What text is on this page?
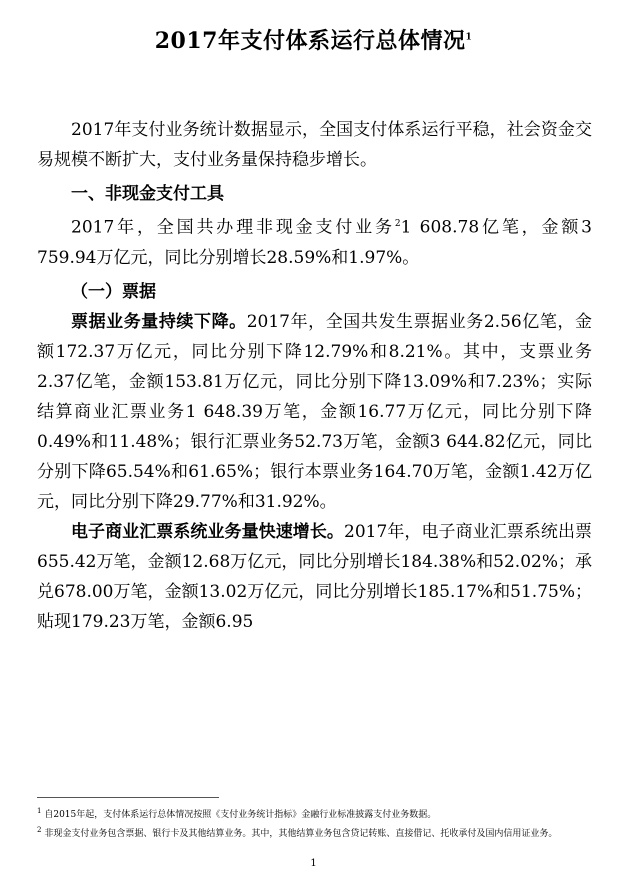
2017年支付体系运行总体情况$^1$

2017年支付业务统计数据显示，全国支付体系运行平稳，社会资金交易规模不断扩大，支付业务量保持稳步增长。

一、非现金支付工具

2017年，全国共办理非现金支付业务$^2$1 608.78亿笔，金额3 759.94万亿元，同比分别增长28.59%和1.97%。

（一）票据

票据业务量持续下降。2017年，全国共发生票据业务2.56亿笔，金额172.37万亿元，同比分别下降12.79%和8.21%。其中，支票业务2.37亿笔，金额153.81万亿元，同比分别下降13.09%和7.23%；实际结算商业汇票业务1 648.39万笔，金额16.77万亿元，同比分别下降0.49%和11.48%；银行汇票业务52.73万笔，金额3 644.82亿元，同比分别下降65.54%和61.65%；银行本票业务164.70万笔，金额1.42万亿元，同比分别下降29.77%和31.92%。

电子商业汇票系统业务量快速增长。2017年，电子商业汇票系统出票655.42万笔，金额12.68万亿元，同比分别增长184.38%和52.02%；承兑678.00万笔，金额13.02万亿元，同比分别增长185.17%和51.75%；贴现179.23万笔，金额6.95

$^1$ 自2015年起，支付体系运行总体情况按照《支付业务统计指标》金融行业标准披露支付业务数据。

$^2$ 非现金支付业务包含票据、银行卡及其他结算业务。其中，其他结算业务包含贷记转账、直接借记、托收承付及国内信用证业务。

1
